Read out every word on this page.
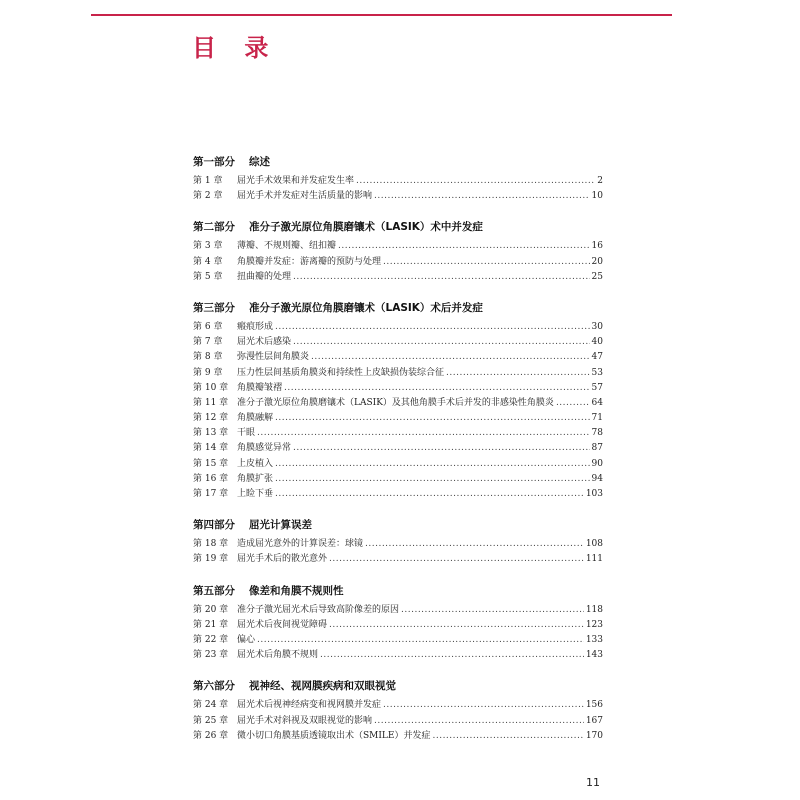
目 录
第一部分 综述
第 1 章	屈光手术效果和并发症发生率 .....	2
第 2 章	屈光手术并发症对生活质量的影响 .....	10
第二部分 准分子激光原位角膜磨镶术（LASIK）术中并发症
第 3 章	薄瓣、不规则瓣、纽扣瓣 .....	16
第 4 章	角膜瓣并发症：游离瓣的预防与处理 .....	20
第 5 章	扭曲瓣的处理 .....	25
第三部分 准分子激光原位角膜磨镶术（LASIK）术后并发症
第 6 章	瘢痕形成 .....	30
第 7 章	屈光术后感染 .....	40
第 8 章	弥漫性层间角膜炎 .....	47
第 9 章	压力性层间基质角膜炎和持续性上皮缺损伪装综合征 .....	53
第 10 章 角膜瓣皱褶 .....	57
第 11 章 准分子激光原位角膜磨镶术（LASIK）及其他角膜手术后并发的非感染性角膜炎 .....	64
第 12 章 角膜融解 .....	71
第 13 章 干眼 .....	78
第 14 章 角膜感觉异常 .....	87
第 15 章 上皮植入 .....	90
第 16 章 角膜扩张 .....	94
第 17 章 上睑下垂 .....	103
第四部分 屈光计算误差
第 18 章 造成屈光意外的计算误差：球镜 .....	108
第 19 章 屈光手术后的散光意外 .....	111
第五部分 像差和角膜不规则性
第 20 章 准分子激光屈光术后导致高阶像差的原因 .....	118
第 21 章 屈光术后夜间视觉障碍 .....	123
第 22 章 偏心 .....	133
第 23 章 屈光术后角膜不规则 .....	143
第六部分 视神经、视网膜疾病和双眼视觉
第 24 章 屈光术后视神经病变和视网膜并发症 .....	156
第 25 章 屈光手术对斜视及双眼视觉的影响 .....	167
第 26 章 微小切口角膜基质透镜取出术（SMILE）并发症 .....	170
11
